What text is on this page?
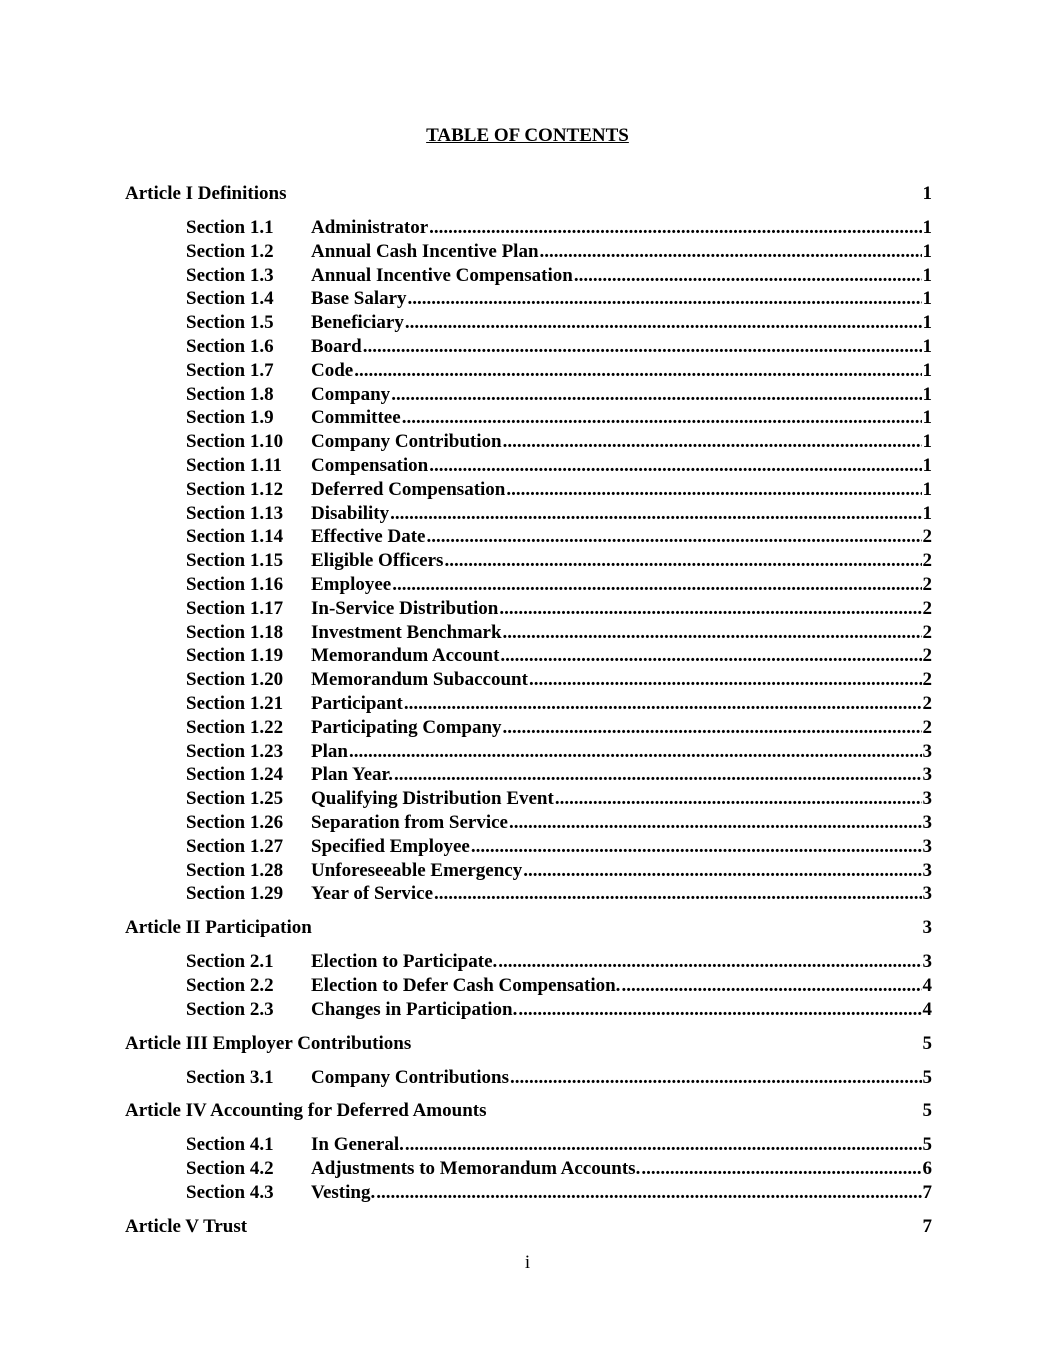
TABLE OF CONTENTS
Article I Definitions	1
Section 1.1	Administrator .....	1
Section 1.2	Annual Cash Incentive Plan .....	1
Section 1.3	Annual Incentive Compensation .....	1
Section 1.4	Base Salary .....	1
Section 1.5	Beneficiary .....	1
Section 1.6	Board .....	1
Section 1.7	Code .....	1
Section 1.8	Company .....	1
Section 1.9	Committee .....	1
Section 1.10	Company Contribution .....	1
Section 1.11	Compensation .....	1
Section 1.12	Deferred Compensation .....	1
Section 1.13	Disability .....	1
Section 1.14	Effective Date .....	2
Section 1.15	Eligible Officers .....	2
Section 1.16	Employee .....	2
Section 1.17	In-Service Distribution .....	2
Section 1.18	Investment Benchmark .....	2
Section 1.19	Memorandum Account .....	2
Section 1.20	Memorandum Subaccount .....	2
Section 1.21	Participant .....	2
Section 1.22	Participating Company .....	2
Section 1.23	Plan .....	3
Section 1.24	Plan Year. .....	3
Section 1.25	Qualifying Distribution Event .....	3
Section 1.26	Separation from Service .....	3
Section 1.27	Specified Employee .....	3
Section 1.28	Unforeseeable Emergency .....	3
Section 1.29	Year of Service .....	3
Article II Participation	3
Section 2.1	Election to Participate. .....	3
Section 2.2	Election to Defer Cash Compensation. .....	4
Section 2.3	Changes in Participation. .....	4
Article III Employer Contributions	5
Section 3.1	Company Contributions .....	5
Article IV Accounting for Deferred Amounts	5
Section 4.1	In General. .....	5
Section 4.2	Adjustments to Memorandum Accounts. .....	6
Section 4.3	Vesting. .....	7
Article V Trust	7
i
